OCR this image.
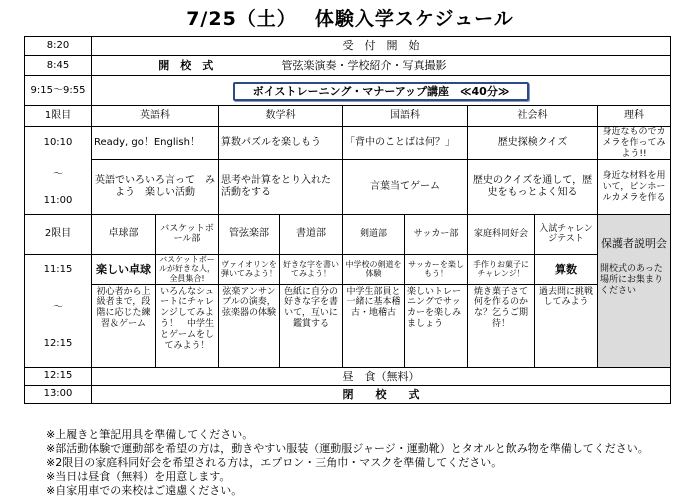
7/25（土）　 体験入学スケジュール
8:20	受　付　開　始								
8:45	開　校　式			管弦楽演奏・学校紹介・写真撮影					
9:15～9:55	ボイストレーニング・マナーアップ講座　≪40分≫								
1限目	英語科		数学科		国語科		社会科		理科
10:10	Ready, go！English！		算数パズルを楽しもう		「背中のことばは何？」		歴史探検クイズ		身近なものでカメラを作ってみよう!!

～
11:00	英語でいろいろ言って　みよう　楽しい活動		思考や計算をとり入れた活動をする		言葉当てゲーム		歴史のクイズを通して，歴史をもっとよく知る		身近な材料を用いて，ピンホールカメラを作る
2限目	卓球部	バスケットボール部	管弦楽部	書道部	剣道部	サッカー部	家庭科同好会	入試チャレンジテスト	保護者説明会
開校式のあった場所にお集まりください

11:15	楽しい卓球	バスケットボールが好きな人，全員集合!	ヴァイオリンを弾いてみよう！	好きな字を書いてみよう！	中学校の剣道を体験	サッカーを楽しもう！	手作りお菓子にチャレンジ！	算数	

～
12:15	初心者から上級者まで，段階に応じた練習＆ゲーム	いろんなシュートにチャレンジしてみよう！　中学生とゲームをしてみよう！	弦楽アンサンブルの演奏，弦楽器の体験	色紙に自分の　好きな字を書いて，互いに鑑賞する	中学生部員と一緒に基本稽古・地稽古	楽しいトレーニングでサッカーを楽しみましょう	焼き菓子さて何を作るのかな？乞うご期待！	過去問に挑戦してみよう	
12:15	昼　食（無料）								
13:00	閉　　校　　式								
※上履きと筆記用具を準備してください。
※部活動体験で運動部を希望の方は，動きやすい服装（運動服ジャージ・運動靴）とタオルと飲み物を準備してください。
※2限目の家庭科同好会を希望される方は，エプロン・三角巾・マスクを準備してください。
※当日は昼食（無料）を用意します。
※自家用車での来校はご遠慮ください。
